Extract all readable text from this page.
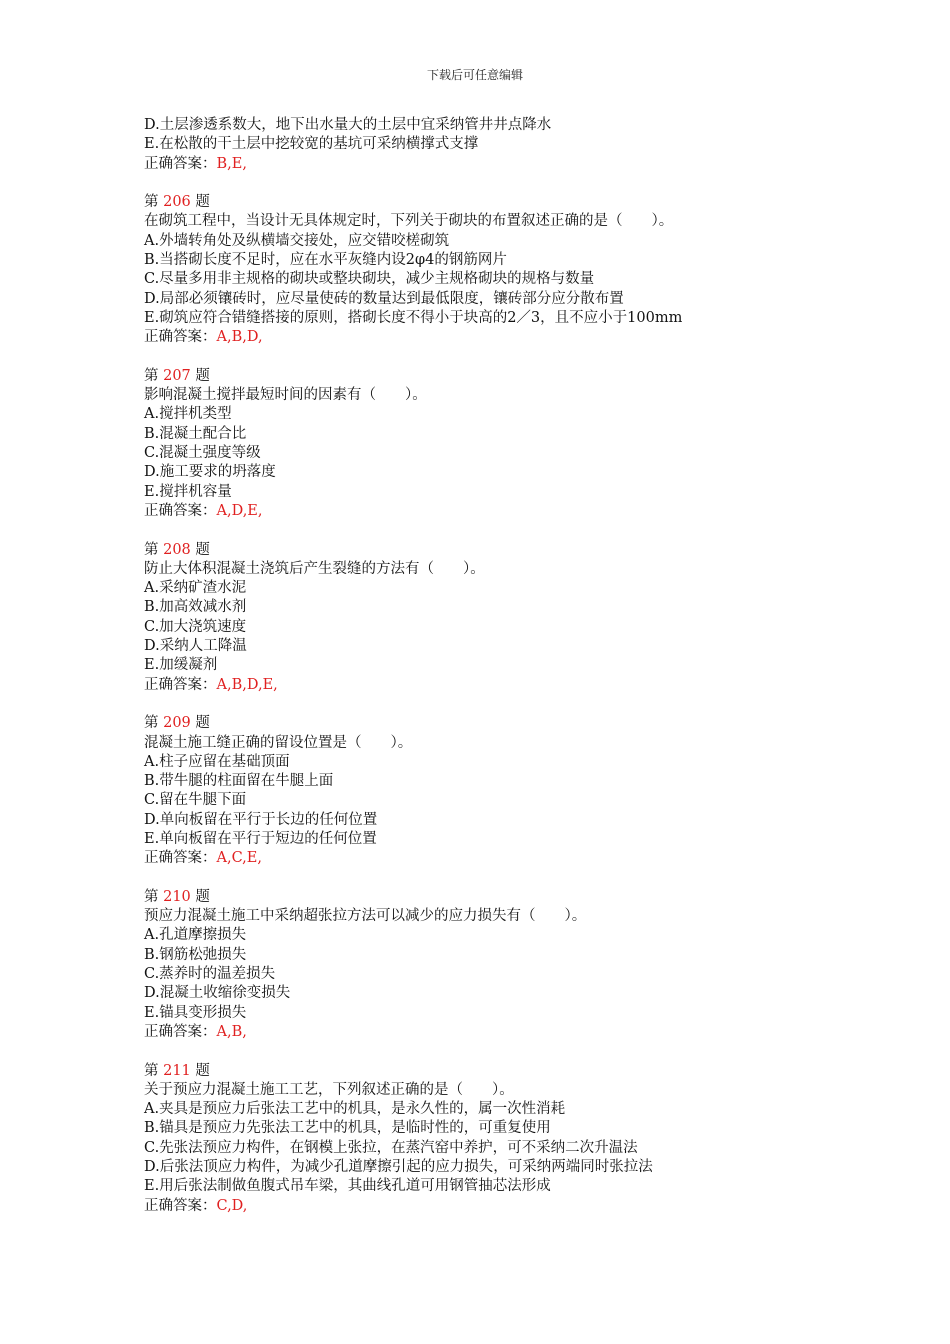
下载后可任意编辑
D.土层渗透系数大，地下出水量大的土层中宜采纳管井井点降水
E.在松散的干土层中挖较宽的基坑可采纳横撑式支撑
正确答案：B,E,
第 206 题
在砌筑工程中，当设计无具体规定时，下列关于砌块的布置叙述正确的是（　　）。
A.外墙转角处及纵横墙交接处，应交错咬槎砌筑
B.当搭砌长度不足时，应在水平灰缝内设2φ4的钢筋网片
C.尽量多用非主规格的砌块或整块砌块，减少主规格砌块的规格与数量
D.局部必须镶砖时，应尽量使砖的数量达到最低限度，镶砖部分应分散布置
E.砌筑应符合错缝搭接的原则，搭砌长度不得小于块高的2／3，且不应小于100mm
正确答案：A,B,D,
第 207 题
影响混凝土搅拌最短时间的因素有（　　）。
A.搅拌机类型
B.混凝土配合比
C.混凝土强度等级
D.施工要求的坍落度
E.搅拌机容量
正确答案：A,D,E,
第 208 题
防止大体积混凝土浇筑后产生裂缝的方法有（　　）。
A.采纳矿渣水泥
B.加高效减水剂
C.加大浇筑速度
D.采纳人工降温
E.加缓凝剂
正确答案：A,B,D,E,
第 209 题
混凝土施工缝正确的留设位置是（　　）。
A.柱子应留在基础顶面
B.带牛腿的柱面留在牛腿上面
C.留在牛腿下面
D.单向板留在平行于长边的任何位置
E.单向板留在平行于短边的任何位置
正确答案：A,C,E,
第 210 题
预应力混凝土施工中采纳超张拉方法可以减少的应力损失有（　　）。
A.孔道摩擦损失
B.钢筋松弛损失
C.蒸养时的温差损失
D.混凝土收缩徐变损失
E.锚具变形损失
正确答案：A,B,
第 211 题
关于预应力混凝土施工工艺，下列叙述正确的是（　　）。
A.夹具是预应力后张法工艺中的机具，是永久性的，属一次性消耗
B.锚具是预应力先张法工艺中的机具，是临时性的，可重复使用
C.先张法预应力构件，在钢模上张拉，在蒸汽窑中养护，可不采纳二次升温法
D.后张法顶应力构件，为减少孔道摩擦引起的应力损失，可采纳两端同时张拉法
E.用后张法制做鱼腹式吊车梁，其曲线孔道可用钢管抽芯法形成
正确答案：C,D,
